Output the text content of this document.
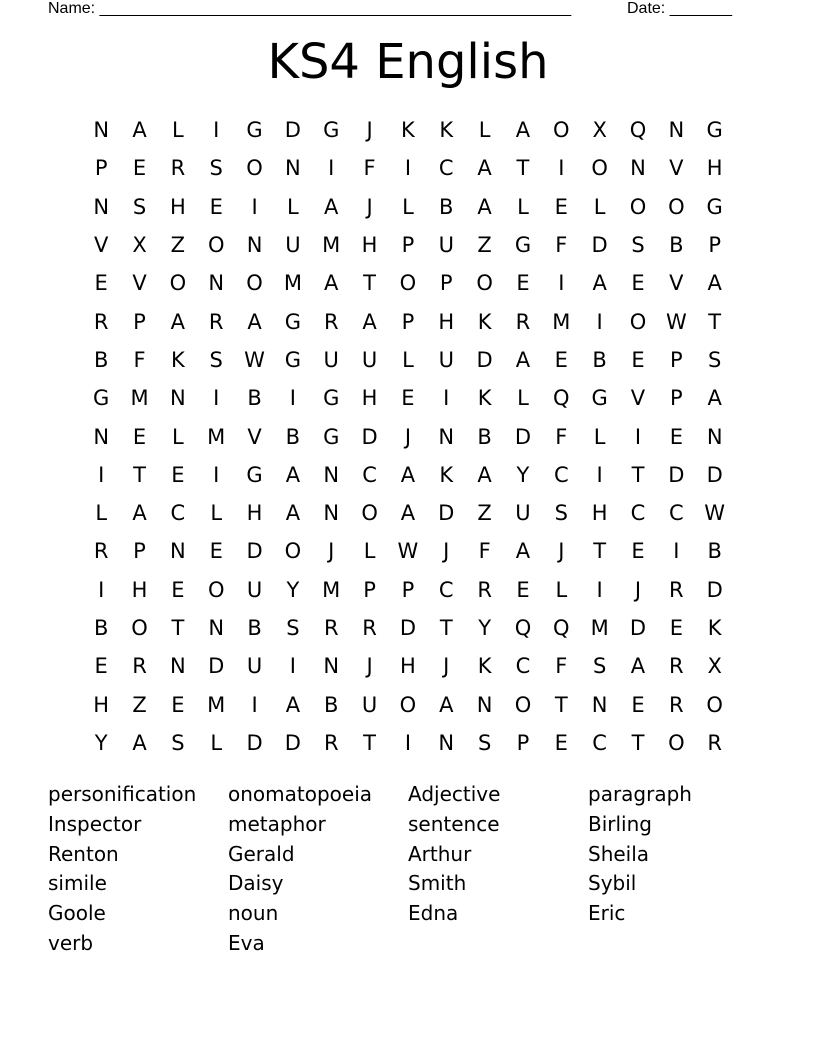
Name: _____________________________________________________	Date: _______
KS4 English
N	A	L	I	G	D	G	J	K	K	L	A	O	X	Q	N	G
P	E	R	S	O	N	I	F	I	C	A	T	I	O	N	V	H
N	S	H	E	I	L	A	J	L	B	A	L	E	L	O	O	G
V	X	Z	O	N	U	M	H	P	U	Z	G	F	D	S	B	P
E	V	O	N	O	M	A	T	O	P	O	E	I	A	E	V	A
R	P	A	R	A	G	R	A	P	H	K	R	M	I	O W	T
B	F	K	S	W G	U	U	L	U	D	A	E	B	E	P	S
G	M	N	I	B	I	G	H	E	I	K	L	Q	G	V	P	A
N	E	L	M	V	B	G	D	J	N	B	D	F	L	I	E	N
I	T	E	I	G	A	N	C	A	K	A	Y	C	I	T	D	D
L	A	C	L	H	A	N	O	A	D	Z	U	S	H	C	C W
R	P	N	E	D	O	J	L	W	J	F	A	J	T	E	I	B
I	H	E	O	U	Y	M	P	P	C	R	E	L	I	J	R	D
B	O	T	N	B	S	R	R	D	T	Y	Q	Q	M	D	E	K
E	R	N	D	U	I	N	J	H	J	K	C	F	S	A	R	X
H	Z	E	M	I	A	B	U	O	A	N	O	T	N	E	R	O
Y	A	S	L	D	D	R	T	I	N	S	P	E	C	T	O	R
personification	onomatopoeia	Adjective	paragraph
Inspector	metaphor	sentence	Birling
Renton	Gerald	Arthur	Sheila
simile	Daisy	Smith	Sybil
Goole	noun	Edna	Eric
verb	Eva
